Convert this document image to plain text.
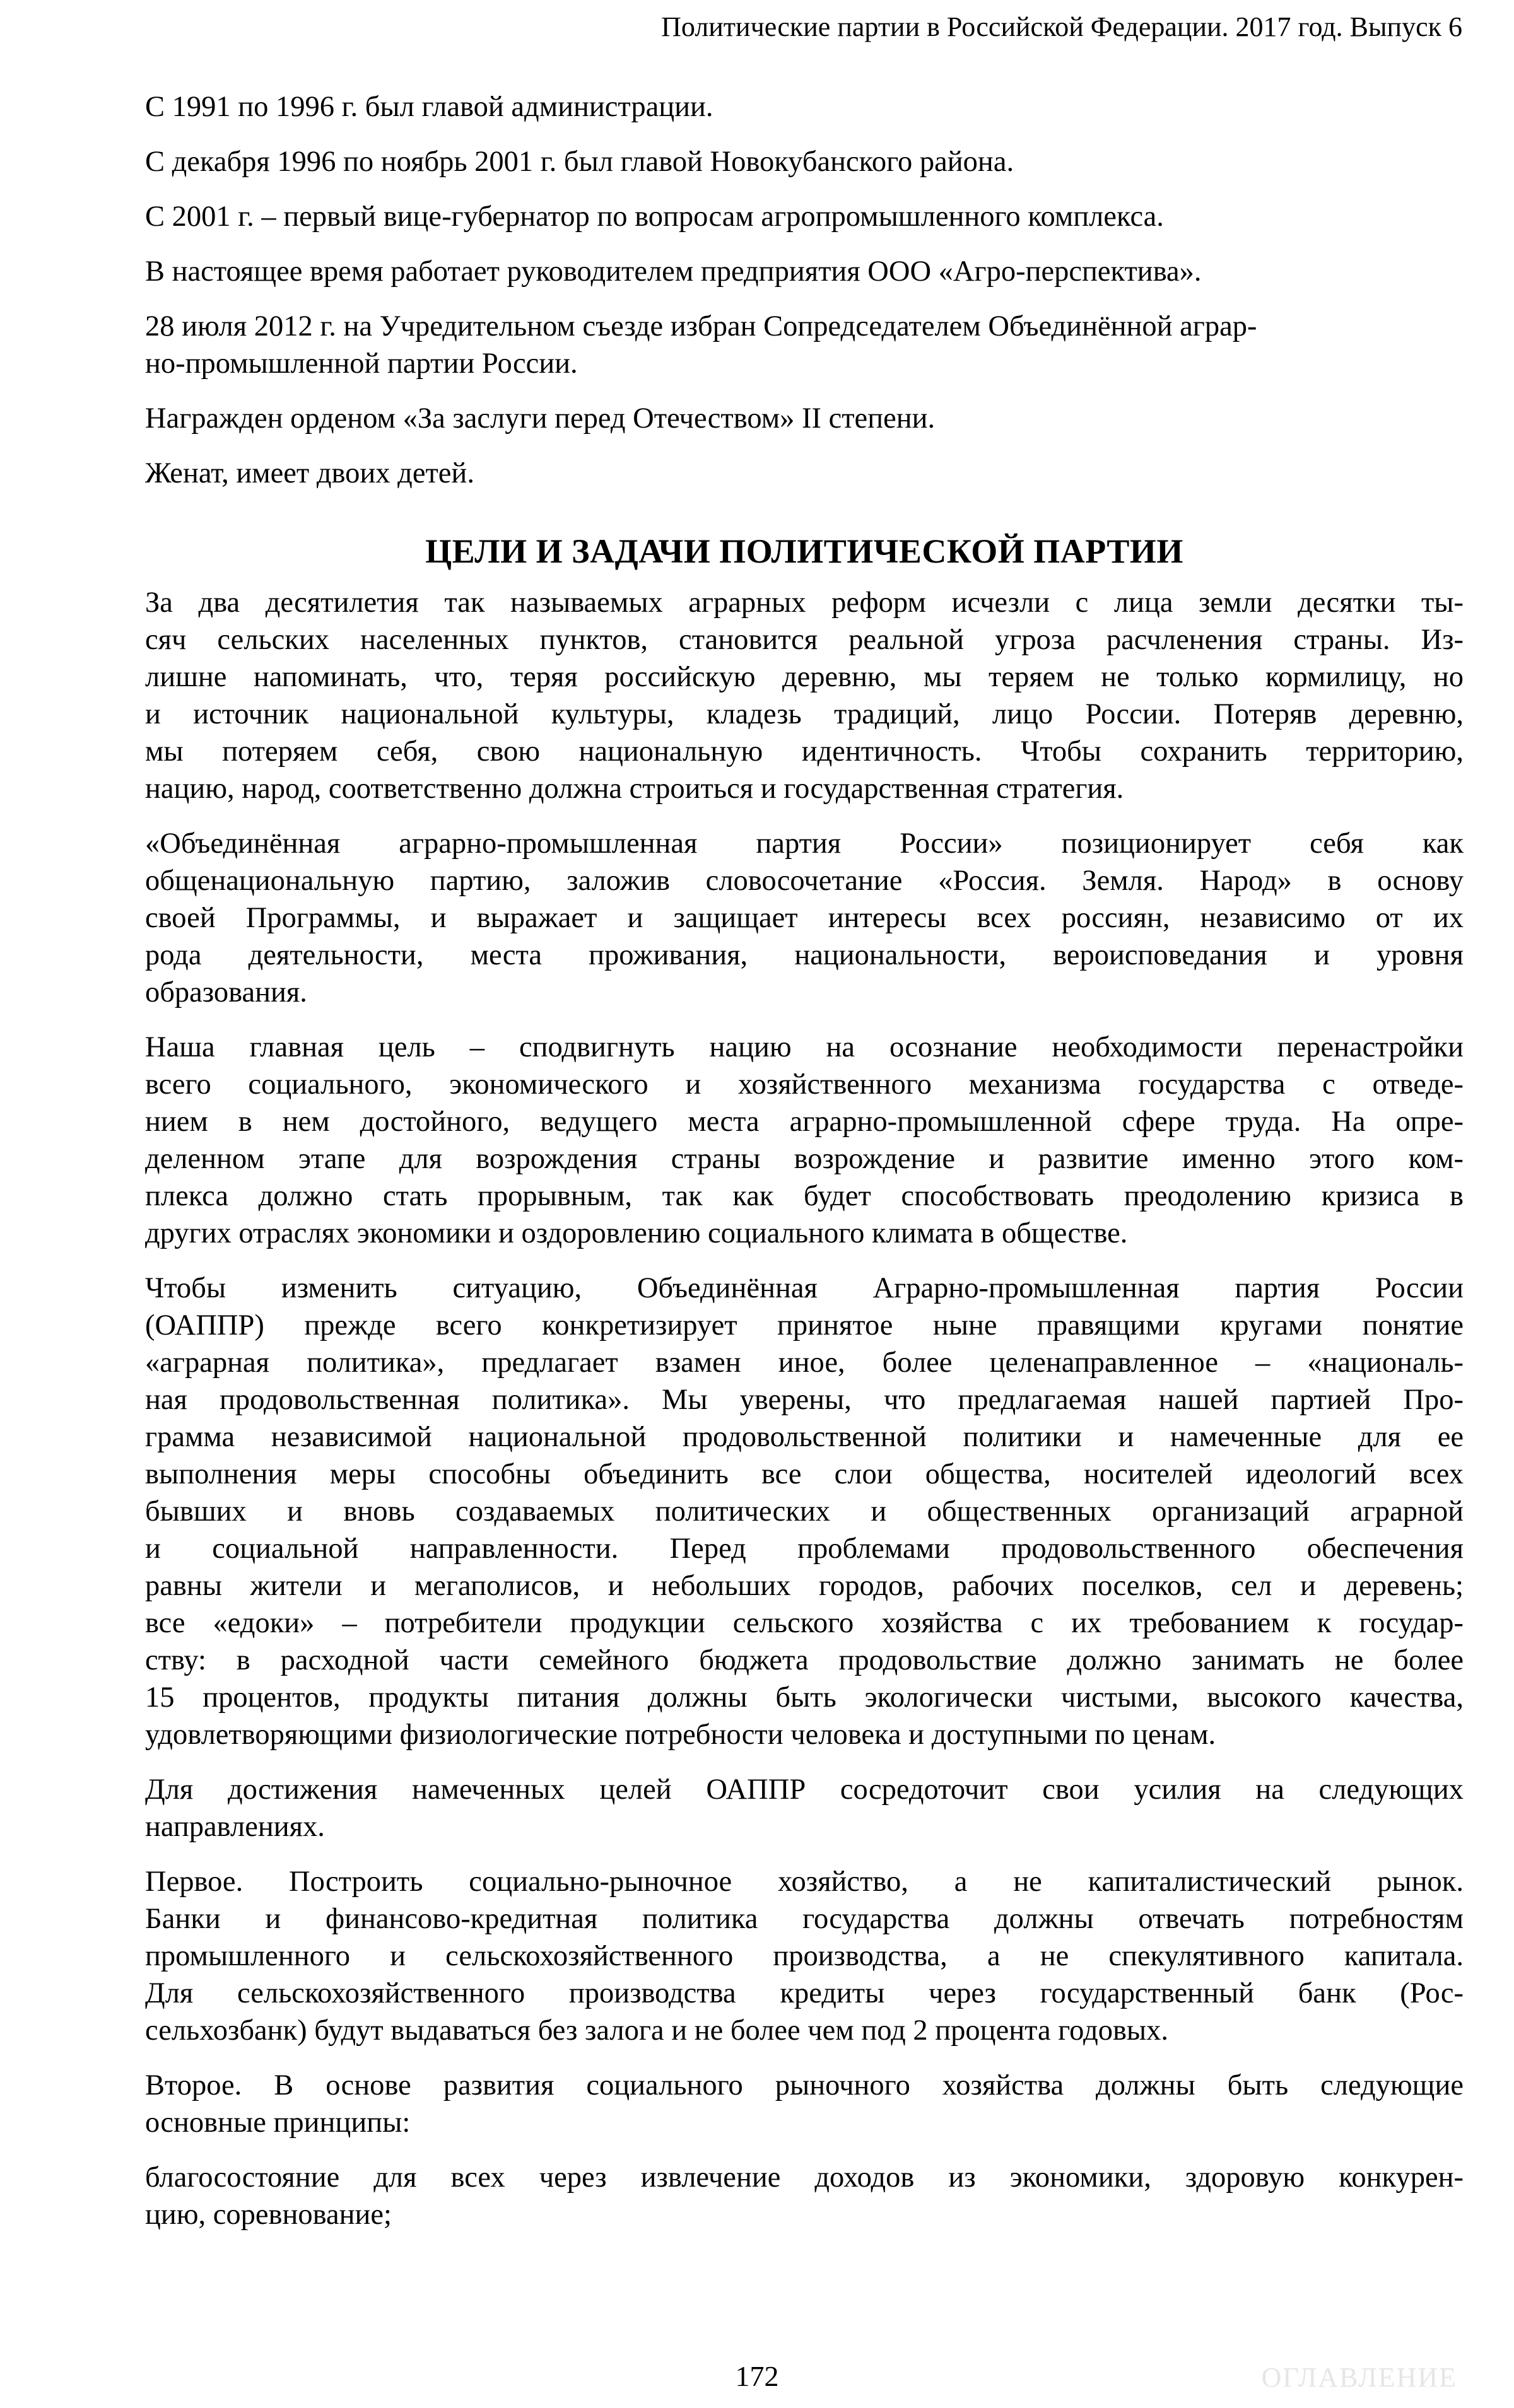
Политические партии в Российской Федерации. 2017 год. Выпуск 6
С 1991 по 1996 г. был главой администрации.
С декабря 1996 по ноябрь 2001 г. был главой Новокубанского района.
С 2001 г. – первый вице-губернатор по вопросам агропромышленного комплекса.
В настоящее время работает руководителем предприятия ООО «Агро-перспектива».
28 июля 2012 г. на Учредительном съезде избран Сопредседателем Объединённой аграр-
но-промышленной партии России.
Награжден орденом «За заслуги перед Отечеством» II степени.
Женат, имеет двоих детей.
ЦЕЛИ И ЗАДАЧИ ПОЛИТИЧЕСКОЙ ПАРТИИ
За два десятилетия так называемых аграрных реформ исчезли с лица земли десятки ты-
сяч сельских населенных пунктов, становится реальной угроза расчленения страны. Из-
лишне напоминать, что, теряя российскую деревню, мы теряем не только кормилицу, но
и источник национальной культуры, кладезь традиций, лицо России. Потеряв деревню,
мы потеряем себя, свою национальную идентичность. Чтобы сохранить территорию,
нацию, народ, соответственно должна строиться и государственная стратегия.
«Объединённая аграрно-промышленная партия России» позиционирует себя как
общенациональную партию, заложив словосочетание «Россия. Земля. Народ» в основу
своей Программы, и выражает и защищает интересы всех россиян, независимо от их
рода деятельности, места проживания, национальности, вероисповедания и уровня
образования.
Наша главная цель – сподвигнуть нацию на осознание необходимости перенастройки
всего социального, экономического и хозяйственного механизма государства с отведе-
нием в нем достойного, ведущего места аграрно-промышленной сфере труда. На опре-
деленном этапе для возрождения страны возрождение и развитие именно этого ком-
плекса должно стать прорывным, так как будет способствовать преодолению кризиса в
других отраслях экономики и оздоровлению социального климата в обществе.
Чтобы изменить ситуацию, Объединённая Аграрно-промышленная партия России
(ОАППР) прежде всего конкретизирует принятое ныне правящими кругами понятие
«аграрная политика», предлагает взамен иное, более целенаправленное – «националь-
ная продовольственная политика». Мы уверены, что предлагаемая нашей партией Про-
грамма независимой национальной продовольственной политики и намеченные для ее
выполнения меры способны объединить все слои общества, носителей идеологий всех
бывших и вновь создаваемых политических и общественных организаций аграрной
и социальной направленности. Перед проблемами продовольственного обеспечения
равны жители и мегаполисов, и небольших городов, рабочих поселков, сел и деревень;
все «едоки» – потребители продукции сельского хозяйства с их требованием к государ-
ству: в расходной части семейного бюджета продовольствие должно занимать не более
15 процентов, продукты питания должны быть экологически чистыми, высокого качества,
удовлетворяющими физиологические потребности человека и доступными по ценам.
Для достижения намеченных целей ОАППР сосредоточит свои усилия на следующих
направлениях.
Первое. Построить социально-рыночное хозяйство, а не капиталистический рынок.
Банки и финансово-кредитная политика государства должны отвечать потребностям
промышленного и сельскохозяйственного производства, а не спекулятивного капитала.
Для сельскохозяйственного производства кредиты через государственный банк (Рос-
сельхозбанк) будут выдаваться без залога и не более чем под 2 процента годовых.
Второе. В основе развития социального рыночного хозяйства должны быть следующие
основные принципы:
благосостояние для всех через извлечение доходов из экономики, здоровую конкурен-
цию, соревнование;
172	ОГЛАВЛЕНИЕ
